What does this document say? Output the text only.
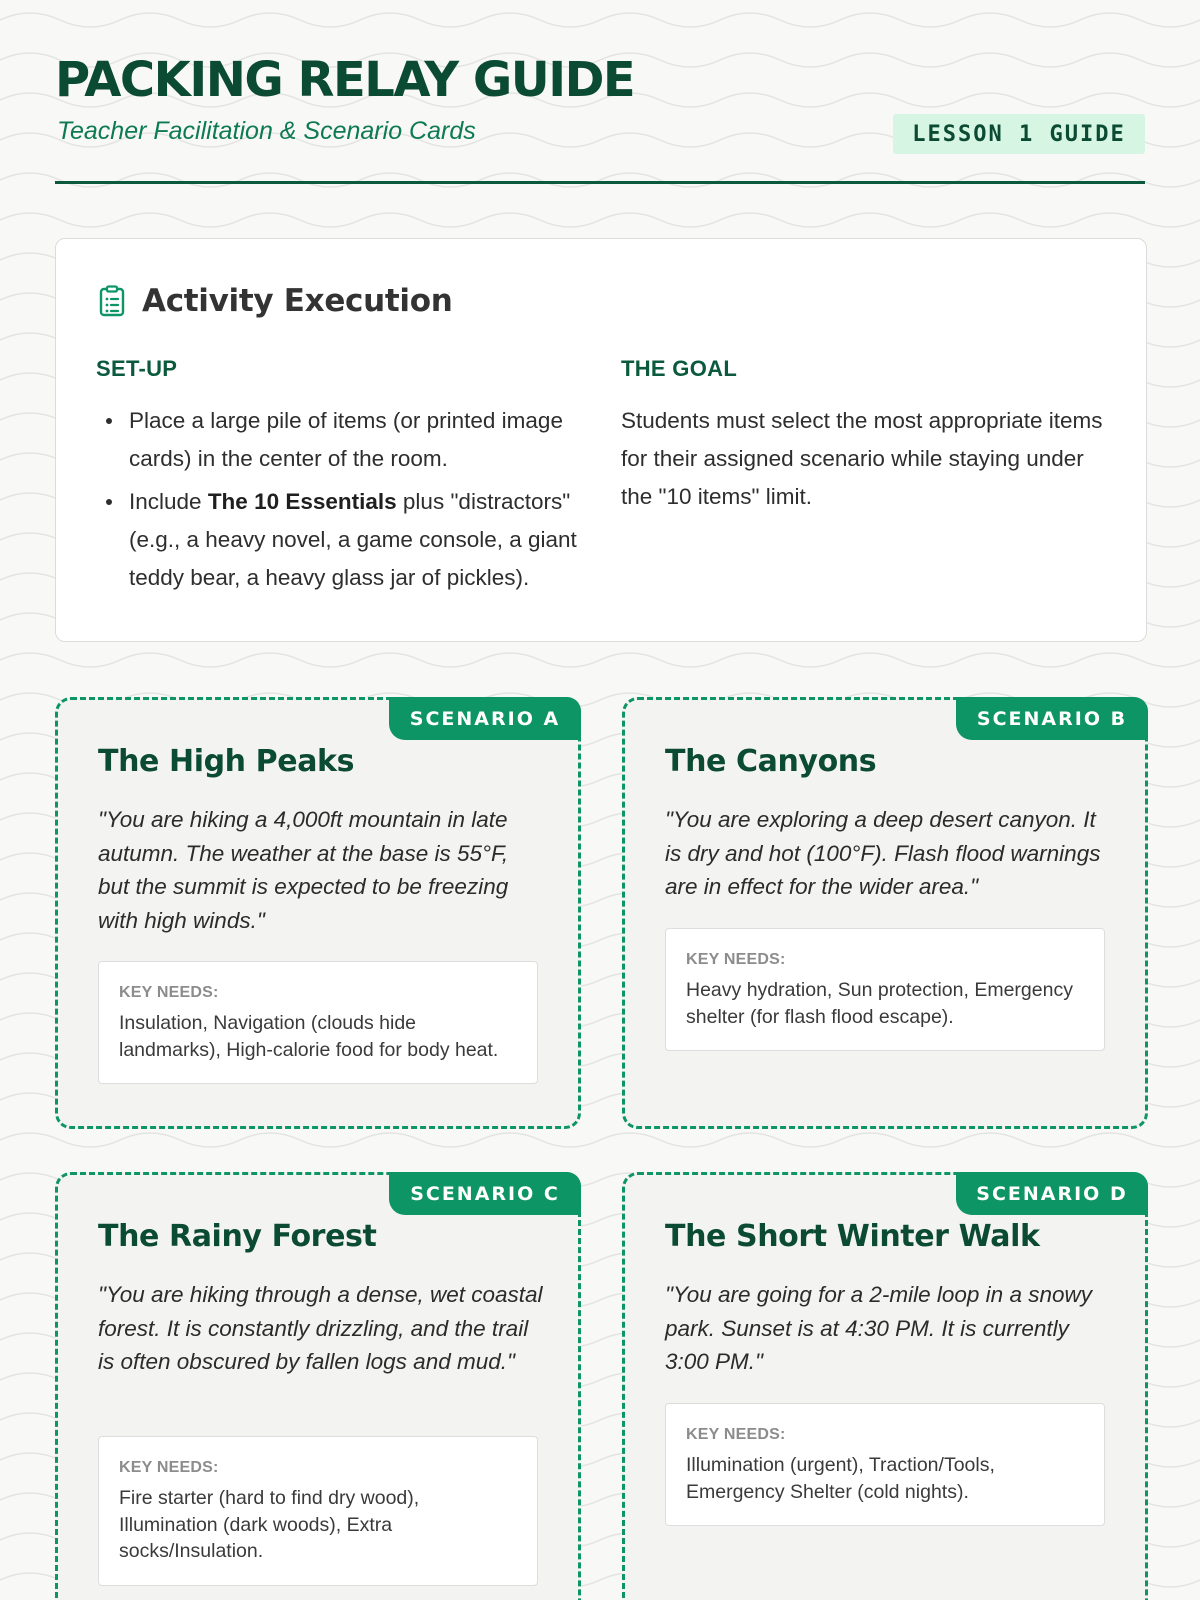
PACKING RELAY GUIDE
Teacher Facilitation & Scenario Cards	LESSON 1 GUIDE
Activity Execution
SET-UP
Place a large pile of items (or printed image cards) in the center of the room.
Include The 10 Essentials plus "distractors" (e.g., a heavy novel, a game console, a giant teddy bear, a heavy glass jar of pickles).
THE GOAL

Students must select the most appropriate items for their assigned scenario while staying under the "10 items" limit.

SCENARIO A
The High Peaks

"You are hiking a 4,000ft mountain in late autumn. The weather at the base is 55°F, but the summit is expected to be freezing with high winds."

KEY NEEDS:
Insulation, Navigation (clouds hide landmarks), High-calorie food for body heat.
SCENARIO B
The Canyons

"You are exploring a deep desert canyon. It is dry and hot (100°F). Flash flood warnings are in effect for the wider area."

KEY NEEDS:
Heavy hydration, Sun protection, Emergency shelter (for flash flood escape).
SCENARIO C
The Rainy Forest

"You are hiking through a dense, wet coastal forest. It is constantly drizzling, and the trail is often obscured by fallen logs and mud."

KEY NEEDS:
Fire starter (hard to find dry wood), Illumination (dark woods), Extra socks/Insulation.
SCENARIO D
The Short Winter Walk

"You are going for a 2-mile loop in a snowy park. Sunset is at 4:30 PM. It is currently 3:00 PM."

KEY NEEDS:
Illumination (urgent), Traction/Tools, Emergency Shelter (cold nights).
